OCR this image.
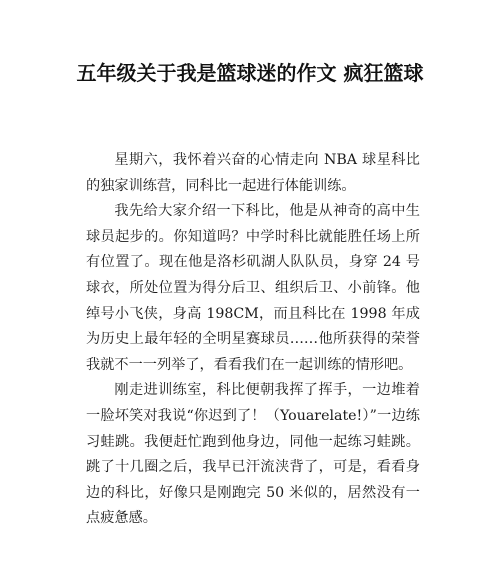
五年级关于我是篮球迷的作文 疯狂篮球

星期六，我怀着兴奋的心情走向 NBA 球星科比的独家训练营，同科比一起进行体能训练。

我先给大家介绍一下科比，他是从神奇的高中生球员起步的。你知道吗？中学时科比就能胜任场上所有位置了。现在他是洛杉矶湖人队队员，身穿 24 号球衣，所处位置为得分后卫、组织后卫、小前锋。他绰号小飞侠，身高 198CM，而且科比在 1998 年成为历史上最年轻的全明星赛球员……他所获得的荣誉我就不一一列举了，看看我们在一起训练的情形吧。

刚走进训练室，科比便朝我挥了挥手，一边堆着一脸坏笑对我说“你迟到了！（Youarelate!）”一边练习蛙跳。我便赶忙跑到他身边，同他一起练习蛙跳。跳了十几圈之后，我早已汗流浃背了，可是，看看身边的科比，好像只是刚跑完 50 米似的，居然没有一点疲惫感。
